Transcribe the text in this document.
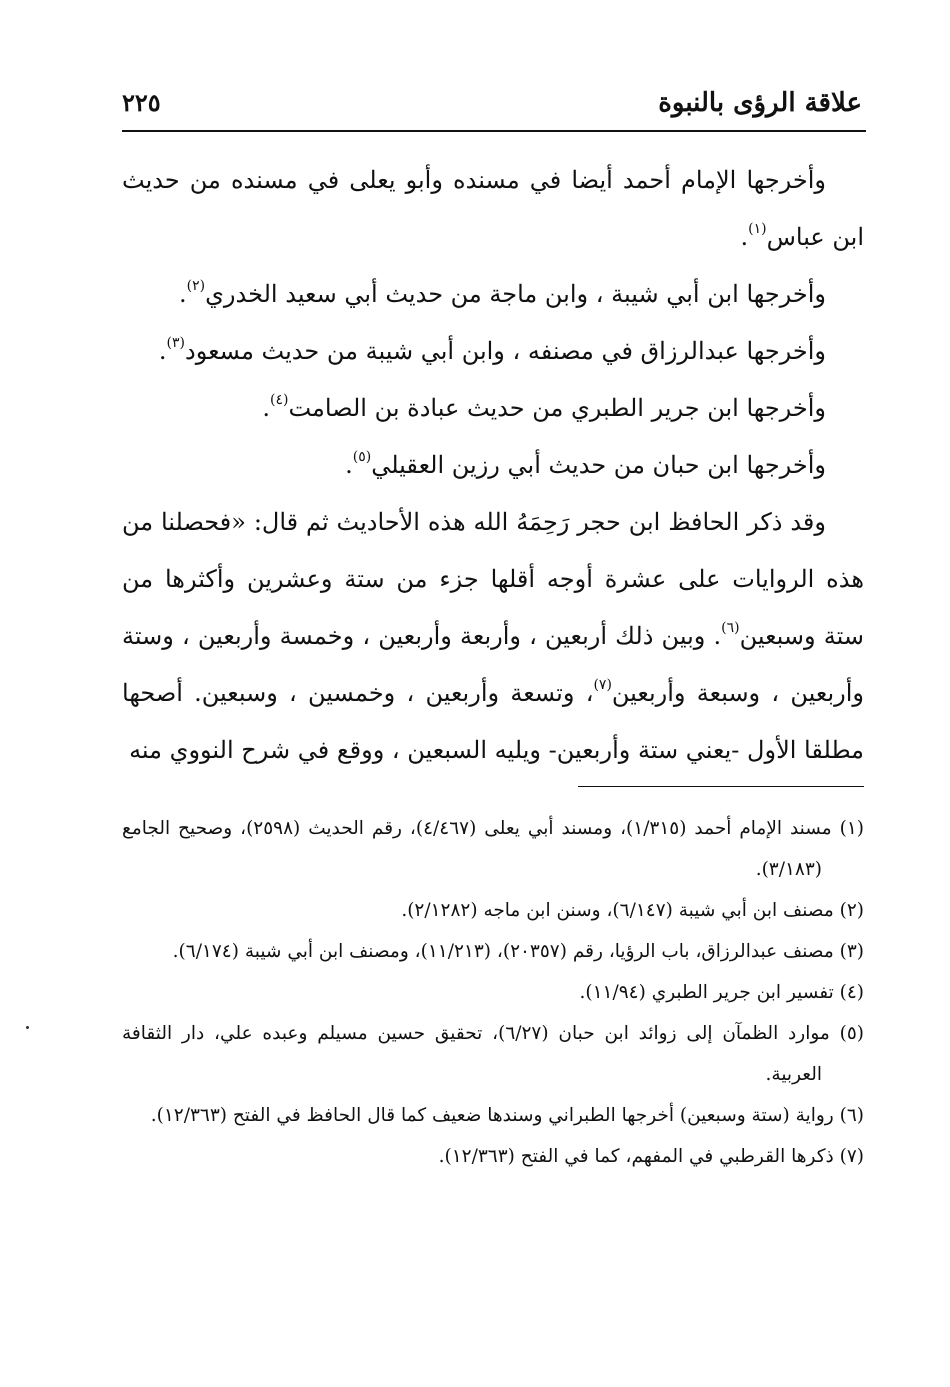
علاقة الرؤى بالنبوة
٢٢٥

وأخرجها الإمام أحمد أيضا في مسنده وأبو يعلى في مسنده من حديث ابن عباس$^{(١)}$.

وأخرجها ابن أبي شيبة ، وابن ماجة من حديث أبي سعيد الخدري$^{(٢)}$.

وأخرجها عبدالرزاق في مصنفه ، وابن أبي شيبة من حديث مسعود$^{(٣)}$.

وأخرجها ابن جرير الطبري من حديث عبادة بن الصامت$^{(٤)}$.

وأخرجها ابن حبان من حديث أبي رزين العقيلي$^{(٥)}$.

وقد ذكر الحافظ ابن حجر رَحِمَهُ الله هذه الأحاديث ثم قال: «فحصلنا من هذه الروايات على عشرة أوجه أقلها جزء من ستة وعشرين وأكثرها من ستة وسبعين$^{(٦)}$. وبين ذلك أربعين ، وأربعة وأربعين ، وخمسة وأربعين ، وستة وأربعين ، وسبعة وأربعين$^{(٧)}$، وتسعة وأربعين ، وخمسين ، وسبعين. أصحها مطلقا الأول -يعني ستة وأربعين- ويليه السبعين ، ووقع في شرح النووي منه

(١) مسند الإمام أحمد (١/٣١٥)، ومسند أبي يعلى (٤/٤٦٧)، رقم الحديث (٢٥٩٨)، وصحيح الجامع (٣/١٨٣).

(٢) مصنف ابن أبي شيبة (٦/١٤٧)، وسنن ابن ماجه (٢/١٢٨٢).

(٣) مصنف عبدالرزاق، باب الرؤيا، رقم (٢٠٣٥٧)، (١١/٢١٣)، ومصنف ابن أبي شيبة (٦/١٧٤).

(٤) تفسير ابن جرير الطبري (١١/٩٤).

(٥) موارد الظمآن إلى زوائد ابن حبان (٦/٢٧)، تحقيق حسين مسيلم وعبده علي، دار الثقافة العربية.

(٦) رواية (ستة وسبعين) أخرجها الطبراني وسندها ضعيف كما قال الحافظ في الفتح (١٢/٣٦٣).

(٧) ذكرها القرطبي في المفهم، كما في الفتح (١٢/٣٦٣).
